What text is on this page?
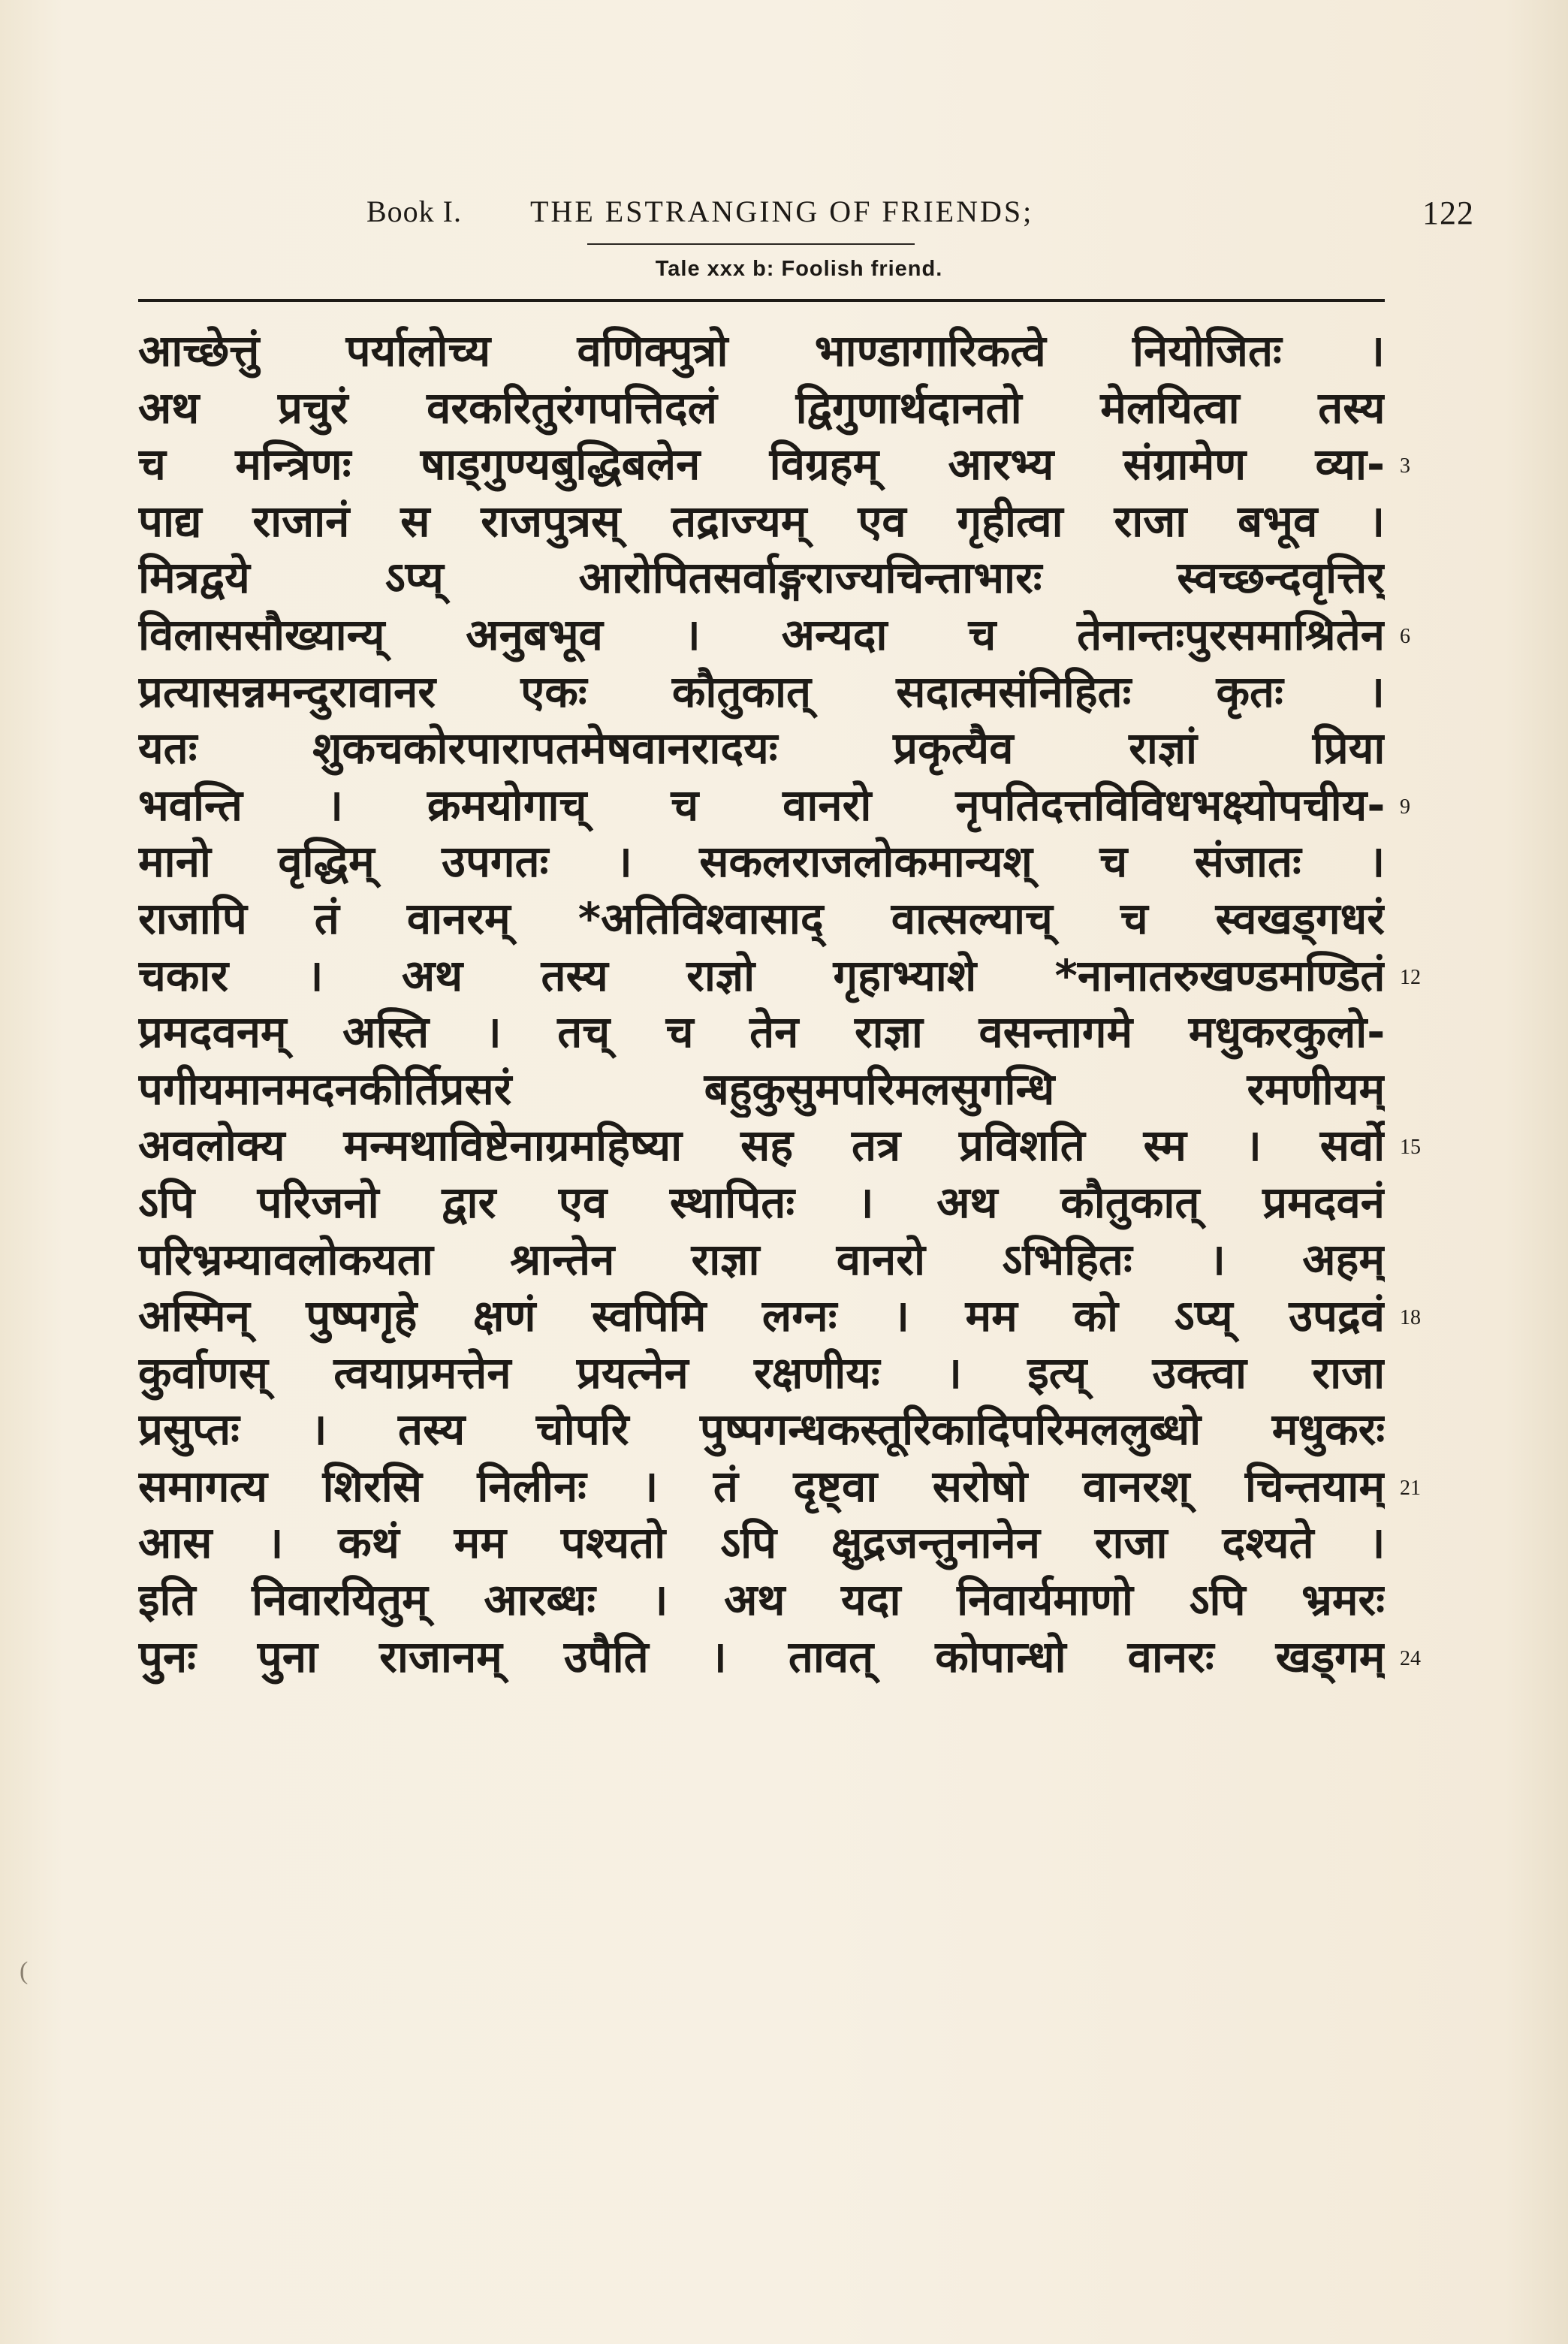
Book I. THE ESTRANGING OF FRIENDS;	122
Tale xxx b: Foolish friend.
आच्छेत्तुं पर्यालोच्य वणिक्पुत्रो भाण्डागारिकत्वे नियोजितः ।
अथ प्रचुरं वरकरितुरंगपत्तिदलं द्विगुणार्थदानतो मेलयित्वा तस्य
च मन्त्रिणः षाड्गुण्यबुद्धिबलेन विग्रहम् आरभ्य संग्रामेण व्या- 3
पाद्य राजानं स राजपुत्रस् तद्राज्यम् एव गृहीत्वा राजा बभूव ।
मित्रद्वये ऽप्य् आरोपितसर्वाङ्गराज्यचिन्ताभारः स्वच्छन्दवृत्तिर्
विलाससौख्यान्य् अनुबभूव । अन्यदा च तेनान्तःपुरसमाश्रितेन 6
प्रत्यासन्नमन्दुरावानर एकः कौतुकात् सदात्मसंनिहितः कृतः ।
यतः शुकचकोरपारापतमेषवानरादयः प्रकृत्यैव राज्ञां प्रिया
भवन्ति । क्रमयोगाच् च वानरो नृपतिदत्तविविधभक्ष्योपचीय- 9
मानो वृद्धिम् उपगतः । सकलराजलोकमान्यश् च संजातः ।
राजापि तं वानरम् *अतिविश्वासाद् वात्सल्याच् च स्वखड्गधरं
चकार । अथ तस्य राज्ञो गृहाभ्याशे *नानातरुखण्डमण्डितं 12
प्रमदवनम् अस्ति । तच् च तेन राज्ञा वसन्तागमे मधुकरकुलो-
पगीयमानमदनकीर्तिप्रसरं बहुकुसुमपरिमलसुगन्धि रमणीयम्
अवलोक्य मन्मथाविष्टेनाग्रमहिष्या सह तत्र प्रविशति स्म । सर्वो 15
ऽपि परिजनो द्वार एव स्थापितः । अथ कौतुकात् प्रमदवनं
परिभ्रम्यावलोकयता श्रान्तेन राज्ञा वानरो ऽभिहितः । अहम्
अस्मिन् पुष्पगृहे क्षणं स्वपिमि लग्नः । मम को ऽप्य् उपद्रवं 18
कुर्वाणस् त्वयाप्रमत्तेन प्रयत्नेन रक्षणीयः । इत्य् उक्त्वा राजा
प्रसुप्तः । तस्य चोपरि पुष्पगन्धकस्तूरिकादिपरिमललुब्धो मधुकरः
समागत्य शिरसि निलीनः । तं दृष्ट्वा सरोषो वानरश् चिन्तयाम् 21
आस । कथं मम पश्यतो ऽपि क्षुद्रजन्तुनानेन राजा दश्यते ।
इति निवारयितुम् आरब्धः । अथ यदा निवार्यमाणो ऽपि भ्रमरः
पुनः पुना राजानम् उपैति । तावत् कोपान्धो वानरः खड्गम् 24
(
